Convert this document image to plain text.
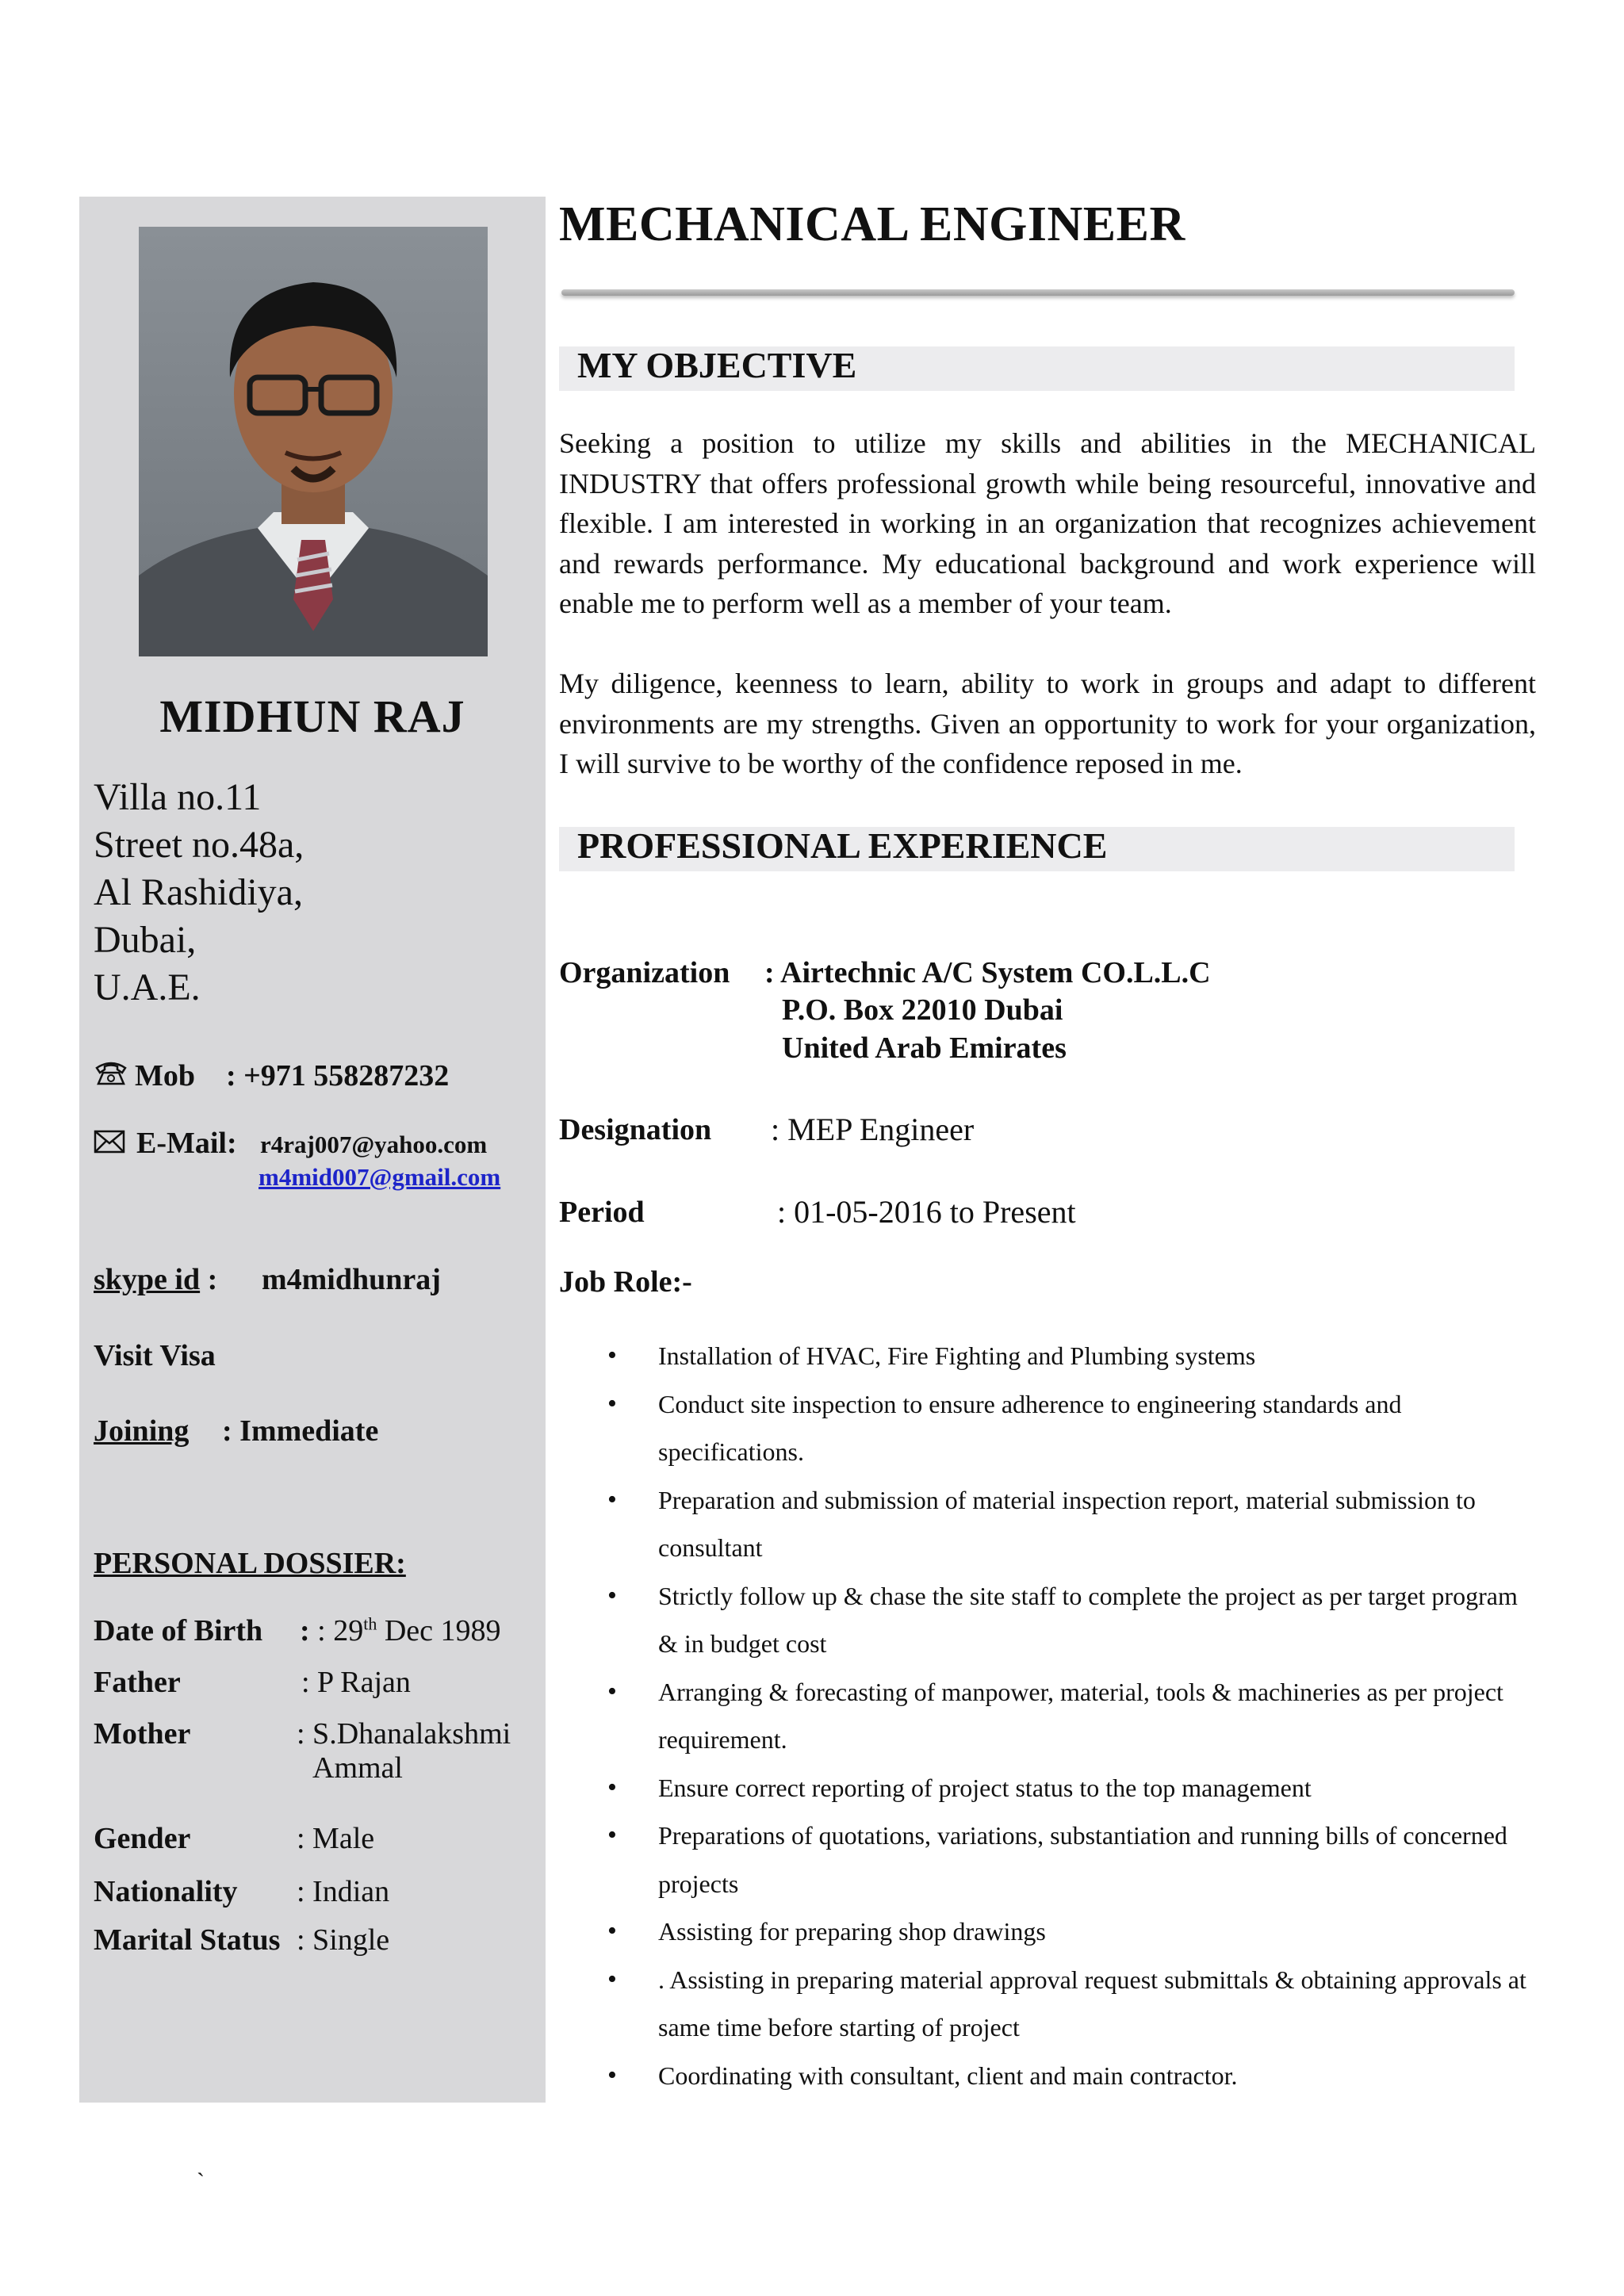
MIDHUN RAJ
Villa no.11
Street no.48a,
Al Rashidiya,
Dubai,
U.A.E.
Mob : +971 558287232
E-Mail: r4raj007@yahoo.com
m4mid007@gmail.com
skype id : m4midhunraj
Visit Visa
Joining : Immediate
PERSONAL DOSSIER:
Date of Birth : : 29th Dec 1989
Father	: P Rajan
Mother	: S.Dhanalakshmi
Ammal
Gender	: Male
Nationality : Indian
Marital Status : Single
MECHANICAL ENGINEER
MY OBJECTIVE
Seeking a position to utilize my skills and abilities in the MECHANICAL INDUSTRY that offers professional growth while being resourceful, innovative and flexible. I am interested in working in an organization that recognizes achievement and rewards performance. My educational background and work experience will enable me to perform well as a member of your team.
My diligence, keenness to learn, ability to work in groups and adapt to different environments are my strengths. Given an opportunity to work for your organization, I will survive to be worthy of the confidence reposed in me.
PROFESSIONAL EXPERIENCE
Organization : Airtechnic A/C System CO.L.L.C
P.O. Box 22010 Dubai
United Arab Emirates
Designation : MEP Engineer
Period	: 01-05-2016 to Present
Job Role:-
• Installation of HVAC, Fire Fighting and Plumbing systems
• Conduct site inspection to ensure adherence to engineering standards and specifications.
• Preparation and submission of material inspection report, material submission to consultant
• Strictly follow up & chase the site staff to complete the project as per target program & in budget cost
• Arranging & forecasting of manpower, material, tools & machineries as per project requirement.
• Ensure correct reporting of project status to the top management
• Preparations of quotations, variations, substantiation and running bills of concerned projects
• Assisting for preparing shop drawings
• . Assisting in preparing material approval request submittals & obtaining approvals at same time before starting of project
• Coordinating with consultant, client and main contractor.
`
